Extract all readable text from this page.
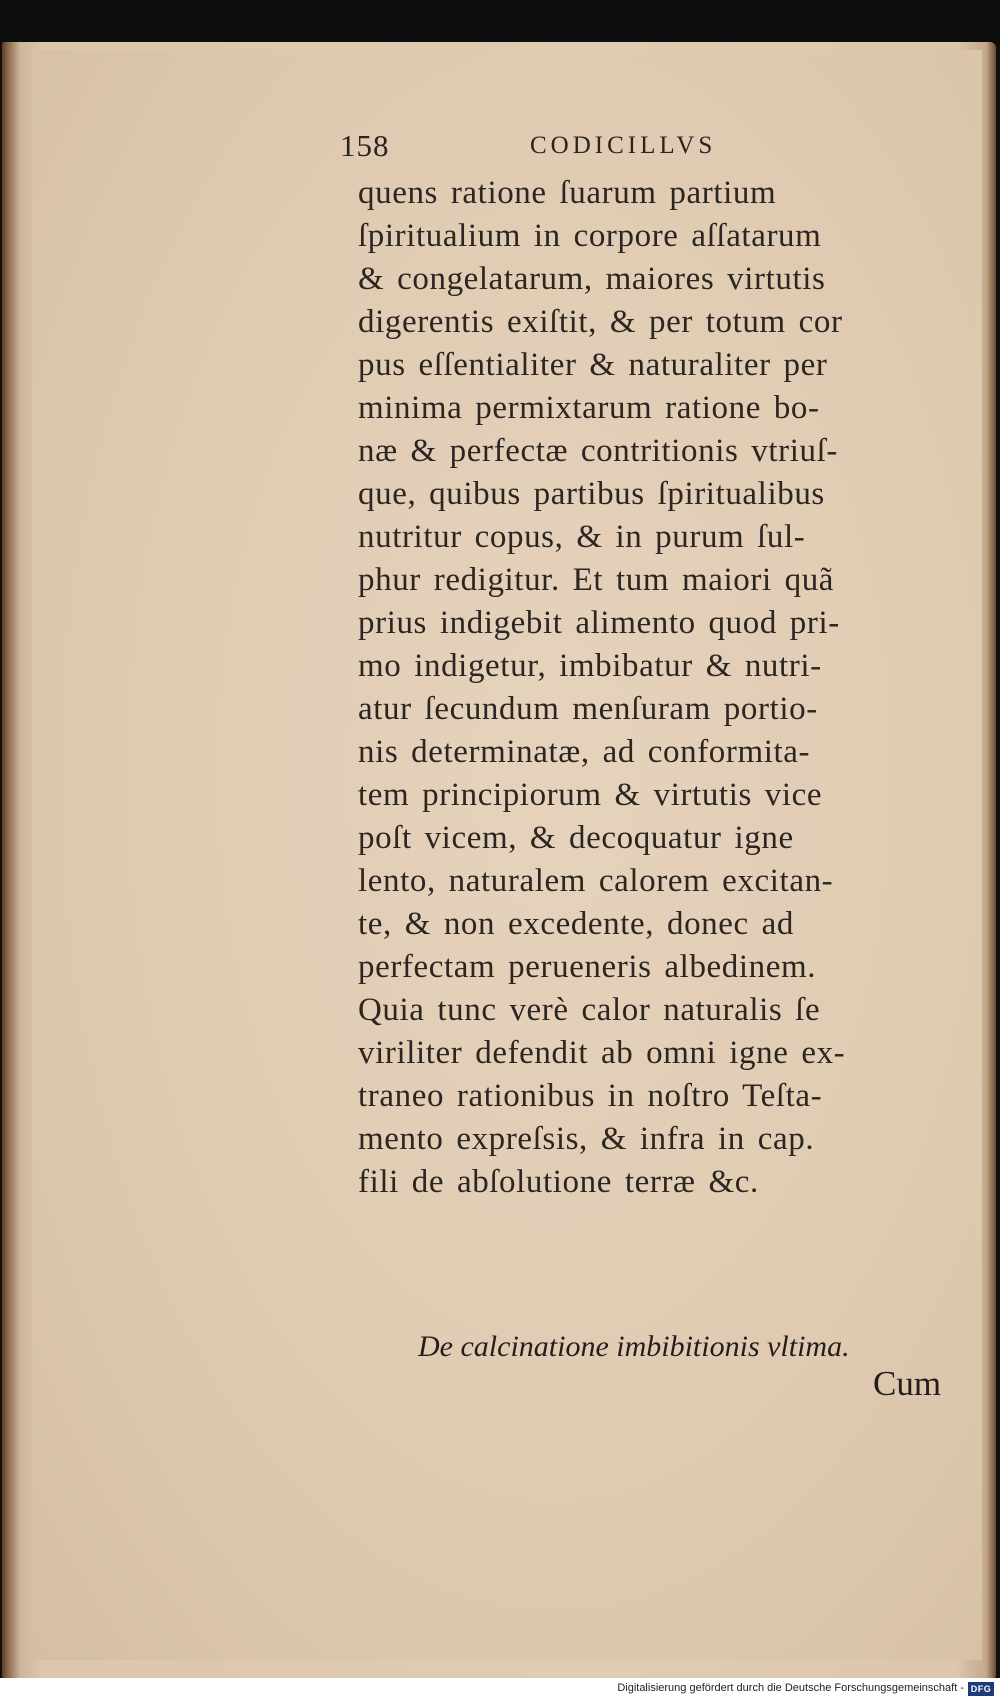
158	CODICILLVS
quens ratione ſuarum partium
ſpiritualium in corpore aſſatarum
& congelatarum, maiores virtutis
digerentis exiſtit, & per totum cor
pus eſſentialiter & naturaliter per
minima permixtarum ratione bo-
næ & perfectæ contritionis vtriuſ-
que, quibus partibus ſpiritualibus
nutritur copus, & in purum ſul-
phur redigitur. Et tum maiori quã
prius indigebit alimento quod pri-
mo indigetur, imbibatur & nutri-
atur ſecundum menſuram portio-
nis determinatæ, ad conformita-
tem principiorum & virtutis vice
poſt vicem, & decoquatur igne
lento, naturalem calorem excitan-
te, & non excedente, donec ad
perfectam perueneris albedinem.
Quia tunc verè calor naturalis ſe
viriliter defendit ab omni igne ex-
traneo rationibus in noſtro Teſta-
mento expreſsis, & infra in cap.
fili de abſolutione terræ &c.
De calcinatione imbibitionis vltima.
Cum
Digitalisierung gefördert durch die Deutsche Forschungsgemeinschaft - DFG
